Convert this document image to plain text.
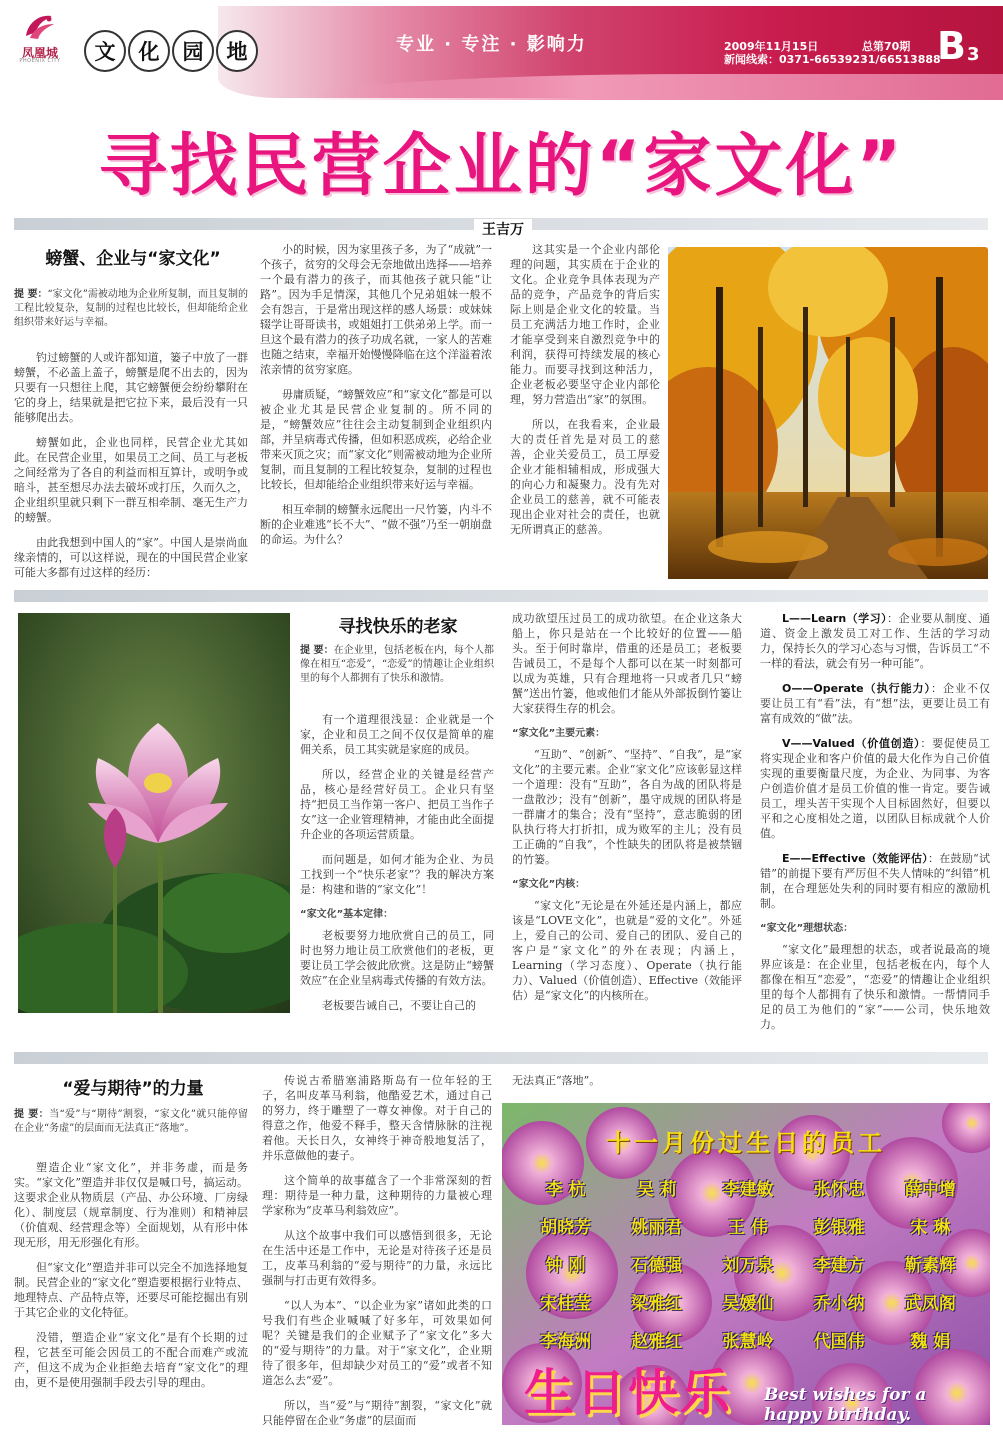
凤凰城
PHOENIX CITY	文	化	园	地	专业 · 专注 · 影响力	2009年11月15日	总第70期
新闻线索：0371-66539231/66513888
B 3
寻找民营企业的“家文化”
王吉万
螃蟹、企业与“家文化”
提 要：“家文化”需被动地为企业所复制，而且复制的工程比较复杂，复制的过程也比较长，但却能给企业组织带来好运与幸福。

钓过螃蟹的人或许都知道，篓子中放了一群螃蟹，不必盖上盖子，螃蟹是爬不出去的，因为只要有一只想往上爬，其它螃蟹便会纷纷攀附在它的身上，结果就是把它拉下来，最后没有一只能够爬出去。

螃蟹如此，企业也同样，民营企业尤其如此。在民营企业里，如果员工之间、员工与老板之间经常为了各自的利益而相互算计，或明争或暗斗，甚至想尽办法去破坏或打压，久而久之，企业组织里就只剩下一群互相牵制、毫无生产力的螃蟹。

由此我想到中国人的“家”。中国人是崇尚血缘亲情的，可以这样说，现在的中国民营企业家可能大多都有过这样的经历：

小的时候，因为家里孩子多，为了“成就”一个孩子，贫穷的父母会无奈地做出选择——培养一个最有潜力的孩子，而其他孩子就只能“让路”。因为手足情深，其他几个兄弟姐妹一般不会有怨言，于是常出现这样的感人场景：或妹妹辍学让哥哥读书，或姐姐打工供弟弟上学。而一旦这个最有潜力的孩子功成名就，一家人的苦难也随之结束，幸福开始慢慢降临在这个洋溢着浓浓亲情的贫穷家庭。

毋庸质疑，“螃蟹效应”和“家文化”都是可以被企业尤其是民营企业复制的。所不同的是，“螃蟹效应”往往会主动复制到企业组织内部，并呈病毒式传播，但如积恶成疾，必给企业带来灭顶之灾；而“家文化”则需被动地为企业所复制，而且复制的工程比较复杂，复制的过程也比较长，但却能给企业组织带来好运与幸福。

相互牵制的螃蟹永远爬出一尺竹篓，内斗不断的企业难逃“长不大”、“做不强”乃至一朝崩盘的命运。为什么？

这其实是一个企业内部伦理的问题，其实质在于企业的文化。企业竞争具体表现为产品的竞争，产品竞争的背后实际上则是企业文化的较量。当员工充满活力地工作时，企业才能享受到来自激烈竞争中的利润，获得可持续发展的核心能力。而要寻找到这种活力，企业老板必要坚守企业内部伦理，努力营造出“家”的氛围。

所以，在我看来，企业最大的责任首先是对员工的慈善，企业关爱员工，员工厚爱企业才能相辅相成，形成强大的向心力和凝聚力。没有先对企业员工的慈善，就不可能表现出企业对社会的责任，也就无所谓真正的慈善。

寻找快乐的老家
提 要：在企业里，包括老板在内，每个人都像在相互“恋爱”，“恋爱”的情趣让企业组织里的每个人都拥有了快乐和激情。

有一个道理很浅显：企业就是一个家，企业和员工之间不仅仅是简单的雇佣关系，员工其实就是家庭的成员。

所以，经营企业的关键是经营产品，核心是经营好员工。企业只有坚持“把员工当作第一客户、把员工当作子女”这一企业管理精神，才能由此全面提升企业的各项运营质量。

而问题是，如何才能为企业、为员工找到一个“快乐老家”？我的解决方案是：构建和谐的“家文化”！

“家文化”基本定律：

老板要努力地欣赏自己的员工，同时也努力地让员工欣赏他们的老板，更要让员工学会彼此欣赏。这是防止“螃蟹效应”在企业呈病毒式传播的有效方法。

老板要告诫自己，不要让自己的

成功欲望压过员工的成功欲望。在企业这条大船上，你只是站在一个比较好的位置——船头。至于何时靠岸，借重的还是员工；老板要告诫员工，不是每个人都可以在某一时刻都可以成为英雄，只有合理地将一只或者几只“螃蟹”送出竹篓，他或他们才能从外部扳倒竹篓让大家获得生存的机会。

“家文化”主要元素：

“互助”、“创新”、“坚持”、“自我”，是“家文化”的主要元素。企业“家文化”应该彰显这样一个道理：没有“互助”，各自为战的团队将是一盘散沙；没有“创新”，墨守成规的团队将是一群庸才的集合；没有“坚持”，意志脆弱的团队执行将大打折扣，成为败军的主儿；没有员工正确的“自我”，个性缺失的团队将是被禁锢的竹篓。

“家文化”内核：

“家文化”无论是在外延还是内涵上，都应该是“LOVE文化”，也就是“爱的文化”。外延上，爱自己的公司、爱自己的团队、爱自己的客户是“家文化”的外在表现；内涵上，Learning（学习态度）、Operate（执行能力）、Valued（价值创造）、Effective（效能评估）是“家文化”的内核所在。

L——Learn（学习）：企业要从制度、通道、资金上激发员工对工作、生活的学习动力，保持长久的学习心态与习惯，告诉员工“不一样的看法，就会有另一种可能”。

O——Operate（执行能力）：企业不仅要让员工有“看”法，有“想”法，更要让员工有富有成效的“做”法。

V——Valued（价值创造）：要促使员工将实现企业和客户价值的最大化作为自己价值实现的重要衡量尺度，为企业、为同事、为客户创造价值才是员工价值的惟一肯定。要告诫员工，埋头苦干实现个人目标固然好，但要以平和之心度相处之道，以团队目标成就个人价值。

E——Effective（效能评估）：在鼓励“试错”的前提下要有严厉但不失人情味的“纠错”机制，在合理惩处失利的同时要有相应的激励机制。

“家文化”理想状态：

“家文化”最理想的状态，或者说最高的境界应该是：在企业里，包括老板在内，每个人都像在相互“恋爱”，“恋爱”的情趣让企业组织里的每个人都拥有了快乐和激情。一帮情同手足的员工为他们的“家”——公司，快乐地效力。

“爱与期待”的力量
提 要：当“爱”与“期待”割裂，“家文化”就只能停留在企业“务虚”的层面而无法真正“落地”。

塑造企业“家文化”，并非务虚，而是务实。“家文化”塑造并非仅仅是喊口号，搞运动。这要求企业从物质层（产品、办公环境、厂房绿化）、制度层（规章制度、行为准则）和精神层（价值观、经营理念等）全面规划，从有形中体现无形，用无形强化有形。

但“家文化”塑造并非可以完全不加选择地复制。民营企业的“家文化”塑造要根据行业特点、地理特点、产品特点等，还要尽可能挖掘出有别于其它企业的文化特征。

没错，塑造企业“家文化”是有个长期的过程，它甚至可能会因员工的不配合而难产或流产，但这不成为企业拒绝去培育“家文化”的理由，更不是使用强制手段去引导的理由。

传说古希腊塞浦路斯岛有一位年轻的王子，名叫皮革马利翁，他酷爱艺术，通过自己的努力，终于雕塑了一尊女神像。对于自己的得意之作，他爱不释手，整天含情脉脉的注视着他。天长日久，女神终于神奇般地复活了，并乐意做他的妻子。

这个简单的故事蕴含了一个非常深刻的哲理：期待是一种力量，这种期待的力量被心理学家称为“皮革马利翁效应”。

从这个故事中我们可以感悟到很多，无论在生活中还是工作中，无论是对待孩子还是员工，皮革马利翁的“爱与期待”的力量，永远比强制与打击更有效得多。

“以人为本”、“以企业为家”诸如此类的口号我们有些企业喊喊了好多年，可效果如何呢？关键是我们的企业赋予了“家文化”多大的“爱与期待”的力量。对于“家文化”，企业期待了很多年，但却缺少对员工的“爱”或者不知道怎么去“爱”。

所以，当“爱”与“期待”割裂，“家文化”就只能停留在企业“务虚”的层面而

无法真正“落地”。

十一月份过生日的员工
李 杭	吴 莉	李建敏	张怀忠	薛中增
胡晓芳	姚丽君	王 伟	彭银雅	宋 琳
钟 刚	石德强	刘万泉	李建方	靳素辉
宋桂莹	梁雅红	吴媛仙	乔小纳	武凤阁
李海洲	赵雅红	张慧岭	代国伟	魏 娟
生日快乐 Best wishes for a happy birthday.
